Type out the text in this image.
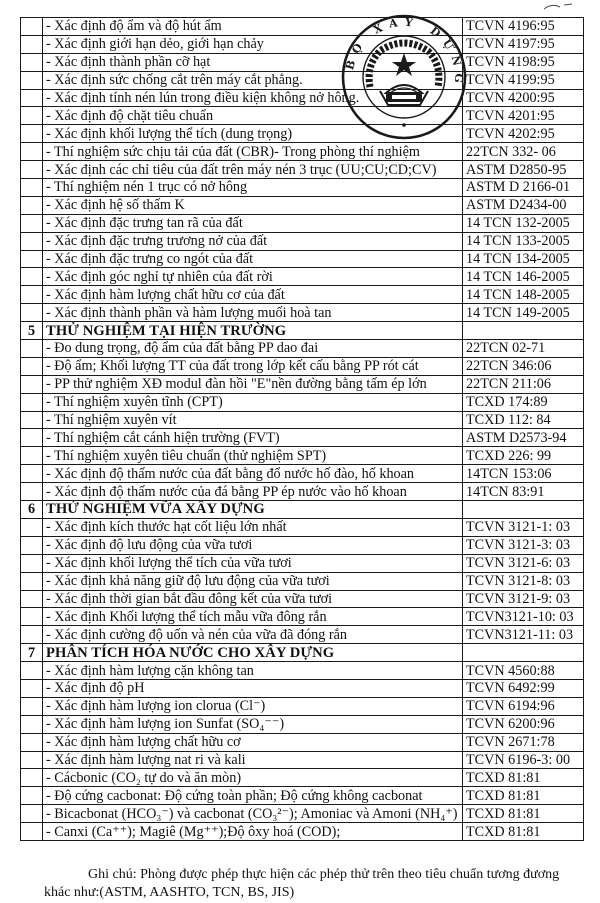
	- Xác định độ ẩm và độ hút ẩm	TCVN 4196:95
	- Xác định giới hạn dẻo, giới hạn chảy	TCVN 4197:95
	- Xác định thành phần cỡ hạt	TCVN 4198:95
	- Xác định sức chống cắt trên máy cắt phẳng.	TCVN 4199:95
	- Xác định tính nén lún trong điều kiện không nở hông.	TCVN 4200:95
	- Xác định độ chặt tiêu chuẩn	TCVN 4201:95
	- Xác định khối lượng thể tích (dung trọng)	TCVN 4202:95
	- Thí nghiệm sức chịu tải của đất (CBR)- Trong phòng thí nghiệm	22TCN 332- 06
	- Xác định các chỉ tiêu của đất trên máy nén 3 trục (UU;CU;CD;CV)	ASTM D2850-95
	- Thí nghiệm nén 1 trục có nở hông	ASTM D 2166-01
	- Xác định hệ số thấm K	ASTM D2434-00
	- Xác định đặc trưng tan rã của đất	14 TCN 132-2005
	- Xác định đặc trưng trương nở của đất	14 TCN 133-2005
	- Xác định đặc trưng co ngót của đất	14 TCN 134-2005
	- Xác định góc nghỉ tự nhiên của đất rời	14 TCN 146-2005
	- Xác định hàm lượng chất hữu cơ của đất	14 TCN 148-2005
	- Xác định thành phần và hàm lượng muối hoà tan	14 TCN 149-2005
5	THỬ NGHIỆM TẠI HIỆN TRƯỜNG	
	- Đo dung trọng, độ ẩm của đất bằng PP dao đai	22TCN 02-71
	- Độ ẩm; Khối lượng TT của đất trong lớp kết cấu bằng PP rót cát	22TCN 346:06
	- PP thử nghiệm XĐ modul đàn hồi "E"nền đường bằng tấm ép lớn	22TCN 211:06
	- Thí nghiệm xuyên tĩnh (CPT)	TCXD 174:89
	- Thí nghiệm xuyên vít	TCXD 112: 84
	- Thí nghiệm cắt cánh hiện trường (FVT)	ASTM D2573-94
	- Thí nghiệm xuyên tiêu chuẩn (thử nghiệm SPT)	TCXD 226: 99
	- Xác định độ thấm nước của đất bằng đổ nước hố đào, hố khoan	14TCN 153:06
	- Xác định độ thấm nước của đá bằng PP ép nước vào hố khoan	14TCN 83:91
6	THỬ NGHIỆM VỮA XÂY DỰNG	
	- Xác định kích thước hạt cốt liệu lớn nhất	TCVN 3121-1: 03
	- Xác định độ lưu động của vữa tươi	TCVN 3121-3: 03
	- Xác định khối lượng thể tích của vữa tươi	TCVN 3121-6: 03
	- Xác định khả năng giữ độ lưu động của vữa tươi	TCVN 3121-8: 03
	- Xác định thời gian bắt đầu đông kết của vữa tươi	TCVN 3121-9: 03
	- Xác định Khối lượng thể tích mẫu vữa đông rắn	TCVN3121-10: 03
	- Xác định cường độ uốn và nén của vữa đã đóng rắn	TCVN3121-11: 03
7	PHÂN TÍCH HÓA NƯỚC CHO XÂY DỰNG	
	- Xác định hàm lượng cặn không tan	TCVN 4560:88
	- Xác định độ pH	TCVN 6492:99
	- Xác định hàm lượng ion clorua (Cl⁻)	TCVN 6194:96
	- Xác định hàm lượng ion Sunfat (SO₄⁻⁻)	TCVN 6200:96
	- Xác định hàm lượng chất hữu cơ	TCVN 2671:78
	- Xác định hàm lượng nat ri và kali	TCVN 6196-3: 00
	- Cácbonic (CO₂ tự do và ăn mòn)	TCXD 81:81
	- Độ cứng cacbonat: Độ cứng toàn phần; Độ cứng không cacbonat	TCXD 81:81
	- Bicacbonat (HCO₃⁻) và cacbonat (CO₃²⁻); Amoniac và Amoni (NH₄⁺)	TCXD 81:81
	- Canxi (Ca⁺⁺); Magiê (Mg⁺⁺);Độ ôxy hoá (COD);	TCXD 81:81
BỘ XÂY DỰNG
Ghi chú: Phòng được phép thực hiện các phép thử trên theo tiêu chuẩn tương đương khác như:(ASTM, AASHTO, TCN, BS, JIS)
